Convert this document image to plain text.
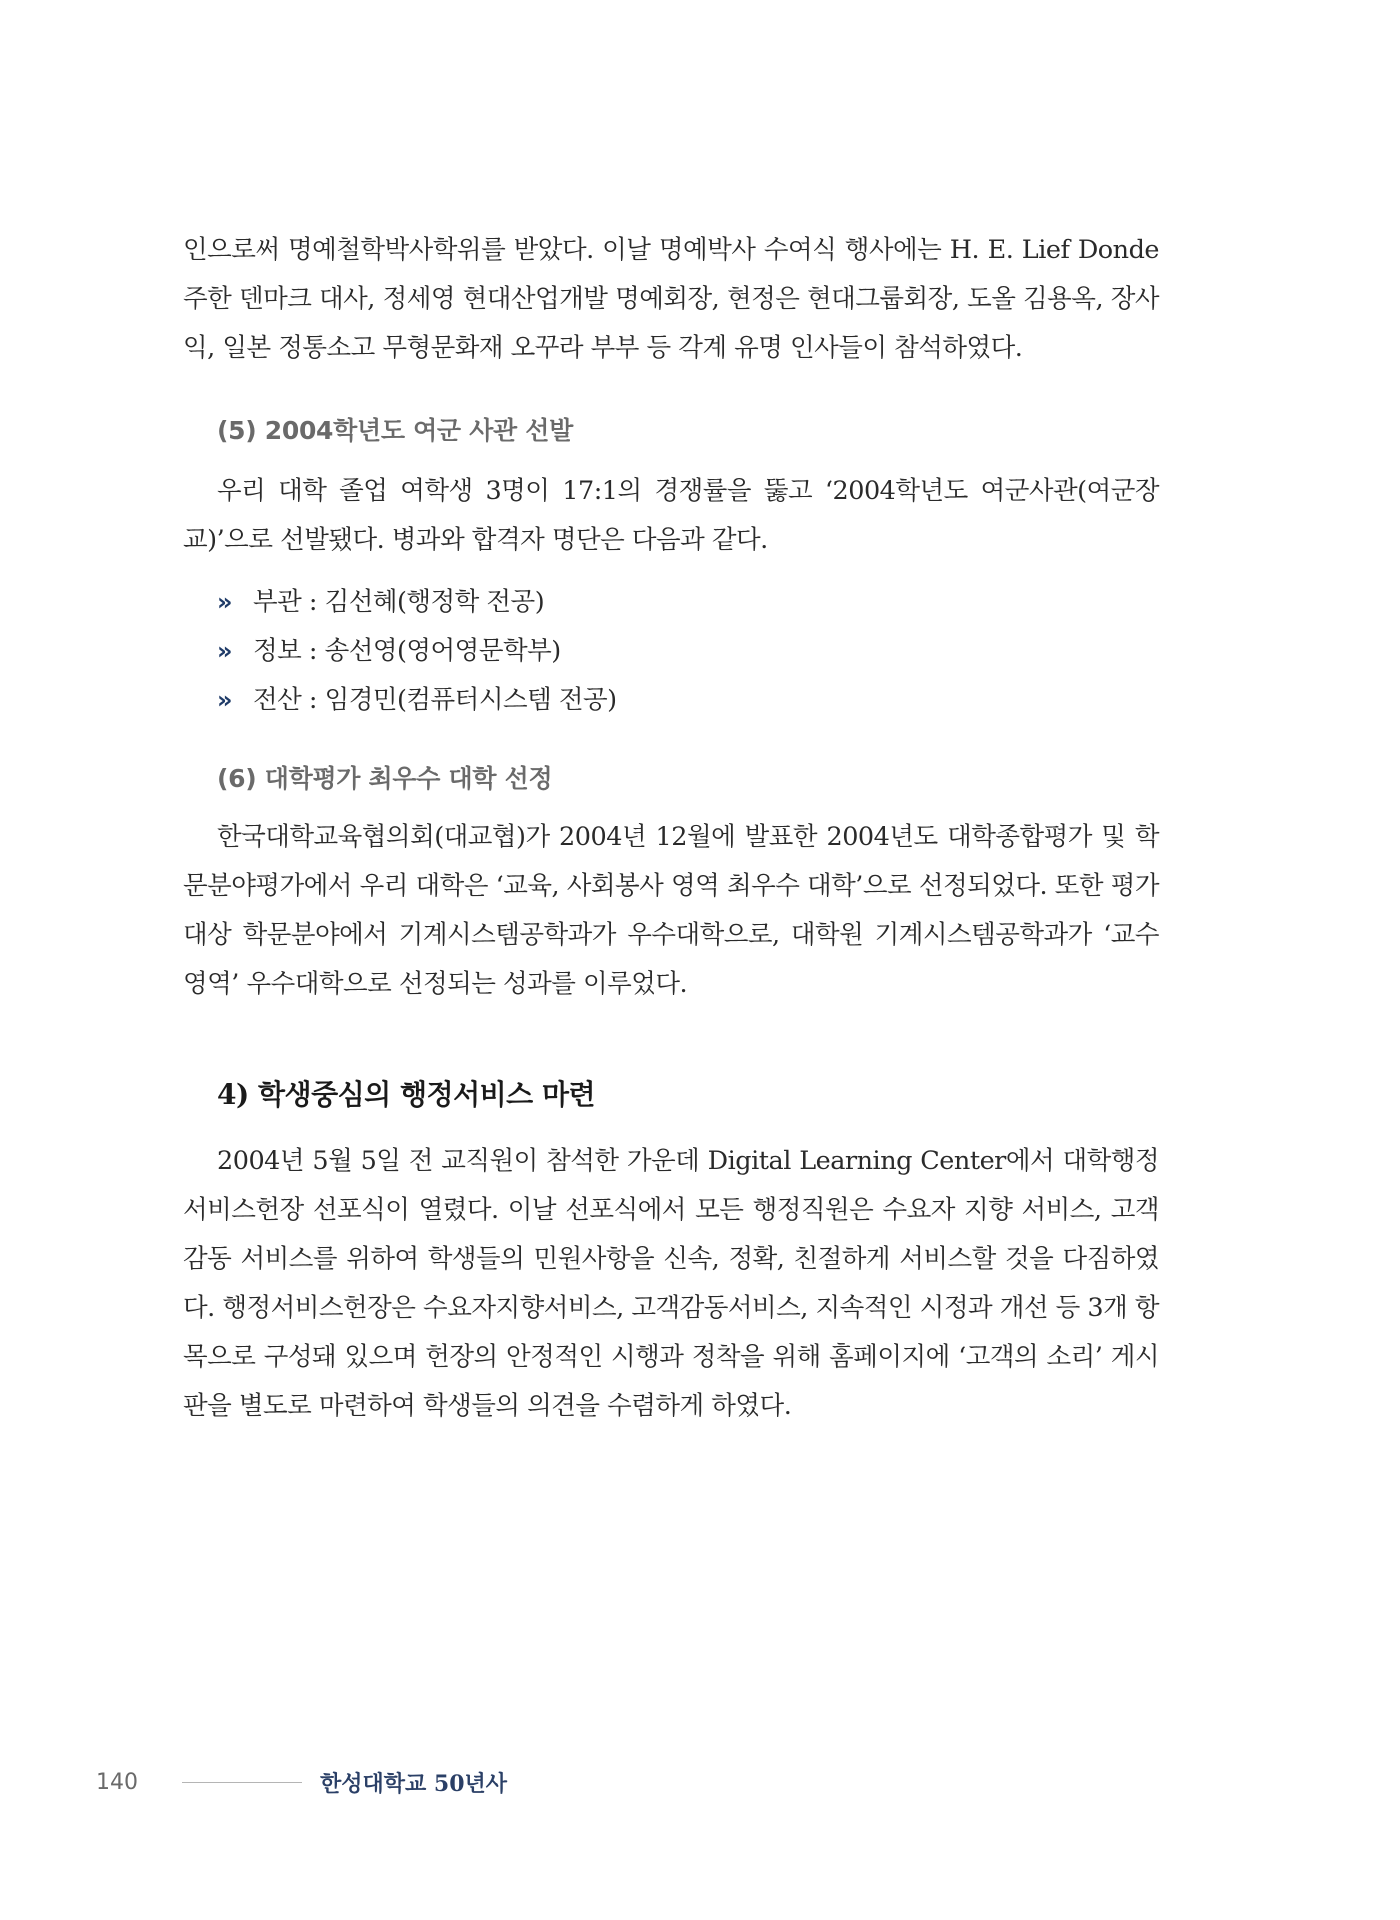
인으로써 명예철학박사학위를 받았다. 이날 명예박사 수여식 행사에는 H. E. Lief Donde 주한 덴마크 대사, 정세영 현대산업개발 명예회장, 현정은 현대그룹회장, 도올 김용옥, 장사익, 일본 정통소고 무형문화재 오꾸라 부부 등 각계 유명 인사들이 참석하였다.

(5) 2004학년도 여군 사관 선발

우리 대학 졸업 여학생 3명이 17:1의 경쟁률을 뚫고 ‘2004학년도 여군사관(여군장교)’으로 선발됐다. 병과와 합격자 명단은 다음과 같다.

» 부관 : 김선혜(행정학 전공)
» 정보 : 송선영(영어영문학부)
» 전산 : 임경민(컴퓨터시스템 전공)
(6) 대학평가 최우수 대학 선정

한국대학교육협의회(대교협)가 2004년 12월에 발표한 2004년도 대학종합평가 및 학문분야평가에서 우리 대학은 ‘교육, 사회봉사 영역 최우수 대학’으로 선정되었다. 또한 평가대상 학문분야에서 기계시스템공학과가 우수대학으로, 대학원 기계시스템공학과가 ‘교수 영역’ 우수대학으로 선정되는 성과를 이루었다.

4) 학생중심의 행정서비스 마련

2004년 5월 5일 전 교직원이 참석한 가운데 Digital Learning Center에서 대학행정서비스헌장 선포식이 열렸다. 이날 선포식에서 모든 행정직원은 수요자 지향 서비스, 고객감동 서비스를 위하여 학생들의 민원사항을 신속, 정확, 친절하게 서비스할 것을 다짐하였다. 행정서비스헌장은 수요자지향서비스, 고객감동서비스, 지속적인 시정과 개선 등 3개 항목으로 구성돼 있으며 헌장의 안정적인 시행과 정착을 위해 홈페이지에 ‘고객의 소리’ 게시판을 별도로 마련하여 학생들의 의견을 수렴하게 하였다.

140	한성대학교 50년사
